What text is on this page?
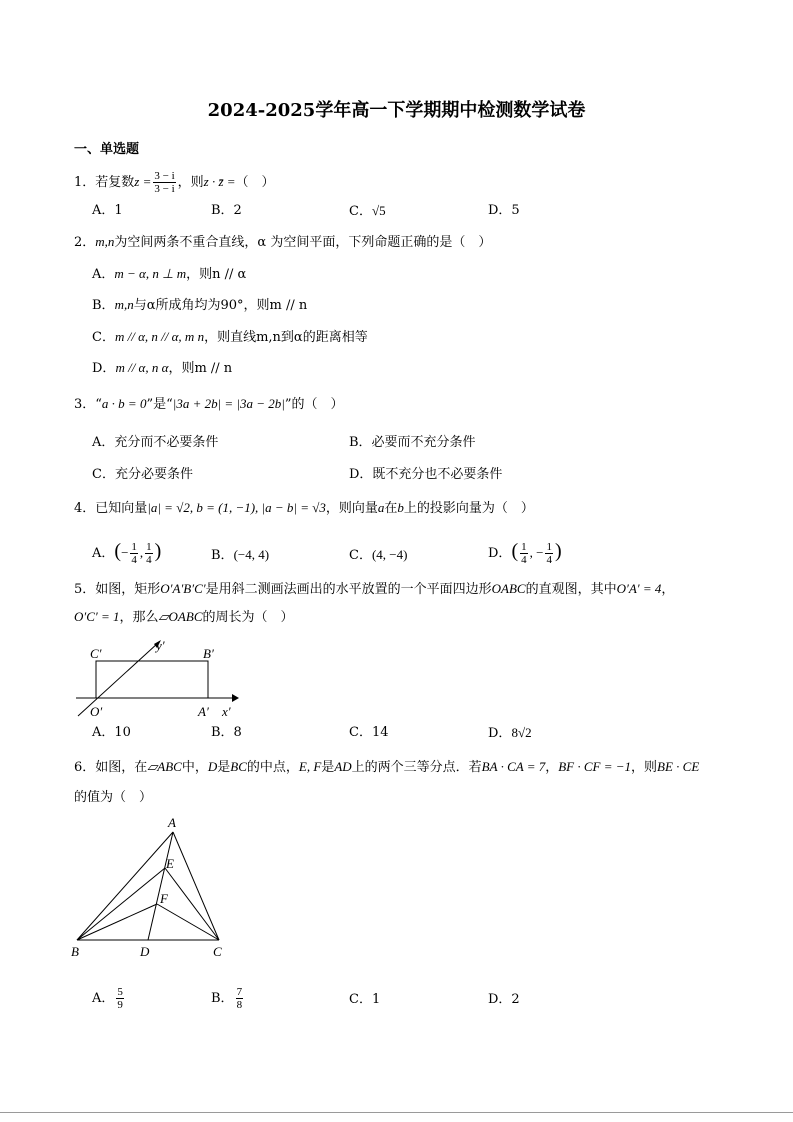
2024-2025学年高一下学期期中检测数学试卷
一、单选题
1．若复数$z = \frac{3 - i}{3 - i}$ ，则z · z̄ =（　）
A．1	B．2	C．√5	D．5
2．m,n为空间两条不重合直线，α 为空间平面，下列命题正确的是（　）
A．m − α, n ⊥ m，则n // α
B．m,n与α所成角均为90°，则m // n
C．m // α, n // α, m n，则直线m,n到α的距离相等
D．m // α, n α，则m // n
3．“a · b = 0”是“|3a + 2b| = |3a − 2b|”的（　）
A．充分而不必要条件	B．必要而不充分条件
C．充分必要条件	D．既不充分也不必要条件
4．已知向量|a| = √2, b = (1, −1), |a − b| = √3，则向量a在b上的投影向量为（　）
A．(− $\frac{1}{4}$ , $\frac{1}{4}$ )	B．(−4, 4)	C．(4, −4)	D．( $\frac{1}{4}$ , − $\frac{1}{4}$ )
5．如图，矩形O′A′B′C′是用斜二测画法画出的水平放置的一个平面四边形OABC的直观图，其中O′A′ = 4，
O′C′ = 1，那么▱OABC的周长为（　）
C′	B′
O′	A′ x′
y′
A．10	B．8	C．14	D．8√2
6．如图，在▱ABC中，D是BC的中点，E, F是AD上的两个三等分点．若BA · CA = 7，BF · CF = −1，则BE · CE
的值为（　）
A
E
F
B	D	C
A． $\frac{5}{9}$	B． $\frac{7}{8}$	C．1	D．2
